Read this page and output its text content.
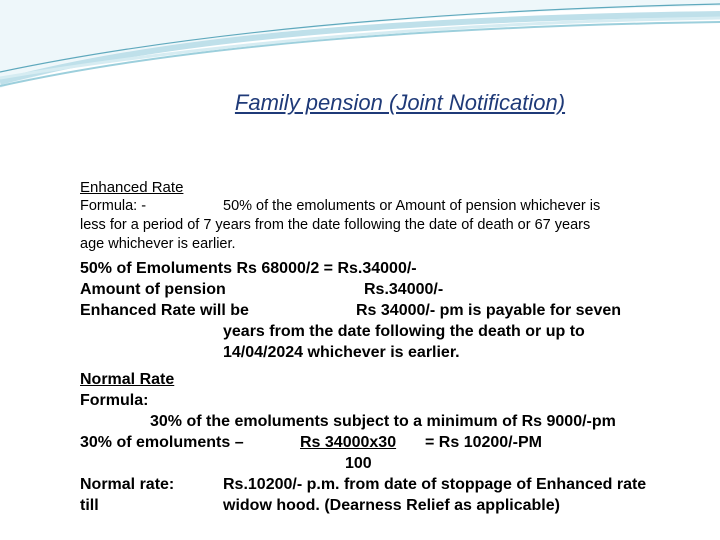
Family pension (Joint Notification)

Enhanced Rate

Formula: -	50% of the emoluments or Amount of pension whichever is

less for a period of 7 years from the date following the date of death or 67 years

age whichever is earlier.

50% of Emoluments Rs 68000/2 = Rs.34000/-

Amount of pension	Rs.34000/-

Enhanced Rate will be	Rs 34000/- pm is payable for seven

years from the date following the death or up to

14/04/2024 whichever is earlier.

Normal Rate

Formula:

30% of the emoluments subject to a minimum of Rs 9000/-pm

30% of emoluments –	Rs 34000x30 = Rs 10200/-PM

100

Normal rate:	Rs.10200/- p.m. from date of stoppage of Enhanced rate

till	widow hood. (Dearness Relief as applicable)
